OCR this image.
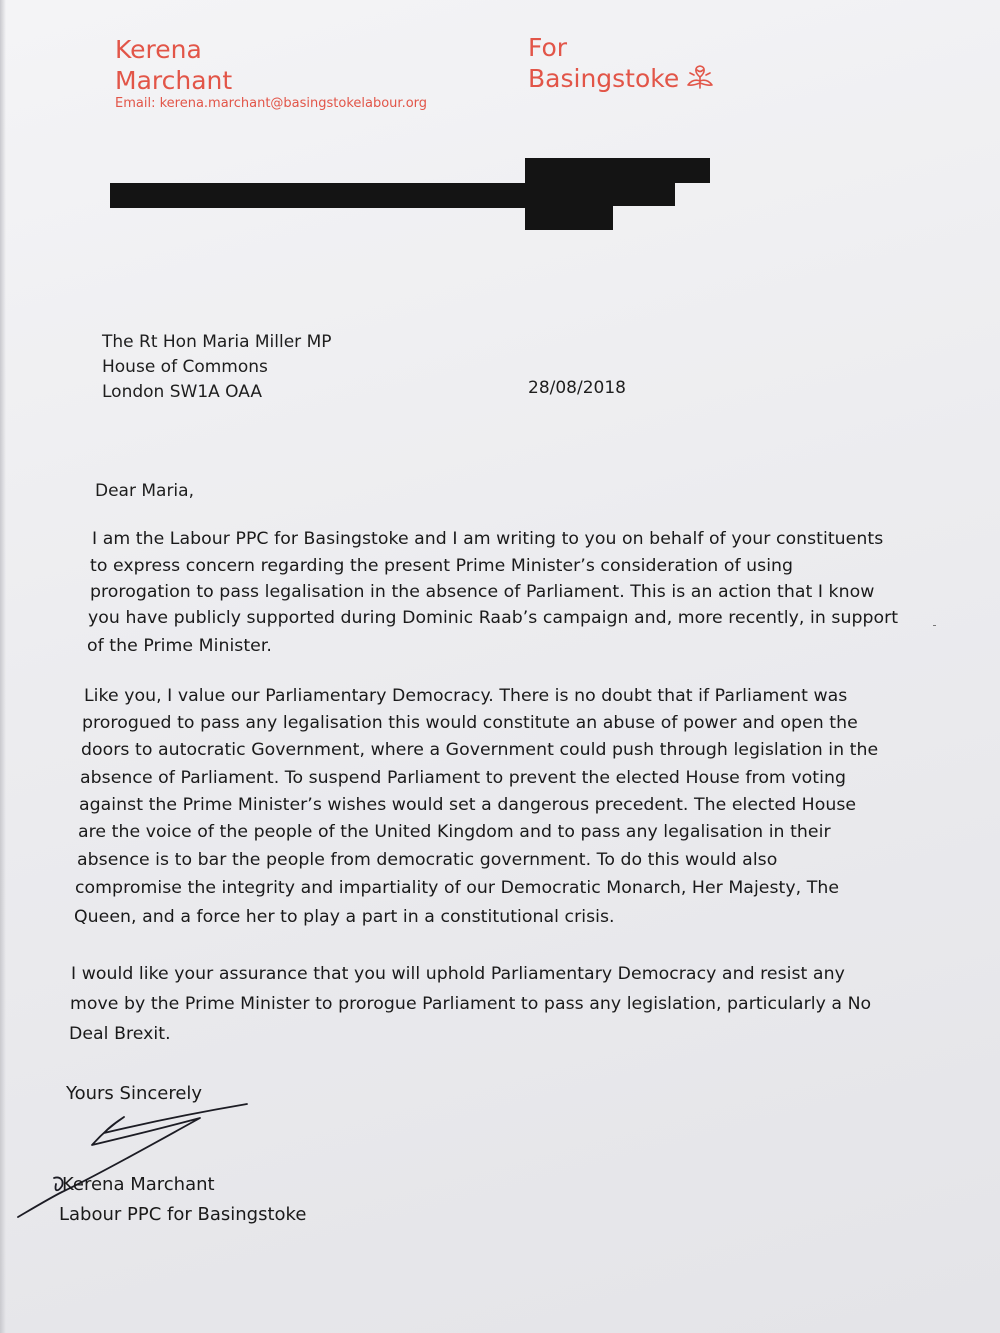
Kerena
Marchant
Email: kerena.marchant@basingstokelabour.org
For
Basingstoke
The Rt Hon Maria Miller MP
House of Commons
London SW1A OAA	28/08/2018
Dear Maria,
I am the Labour PPC for Basingstoke and I am writing to you on behalf of your constituents
to express concern regarding the present Prime Minister’s consideration of using
prorogation to pass legalisation in the absence of Parliament. This is an action that I know
you have publicly supported during Dominic Raab’s campaign and, more recently, in support
of the Prime Minister.
Like you, I value our Parliamentary Democracy. There is no doubt that if Parliament was
prorogued to pass any legalisation this would constitute an abuse of power and open the
doors to autocratic Government, where a Government could push through legislation in the
absence of Parliament. To suspend Parliament to prevent the elected House from voting
against the Prime Minister’s wishes would set a dangerous precedent. The elected House
are the voice of the people of the United Kingdom and to pass any legalisation in their
absence is to bar the people from democratic government. To do this would also
compromise the integrity and impartiality of our Democratic Monarch, Her Majesty, The
Queen, and a force her to play a part in a constitutional crisis.
I would like your assurance that you will uphold Parliamentary Democracy and resist any
move by the Prime Minister to prorogue Parliament to pass any legislation, particularly a No
Deal Brexit.
Yours Sincerely
Kerena Marchant
Labour PPC for Basingstoke
